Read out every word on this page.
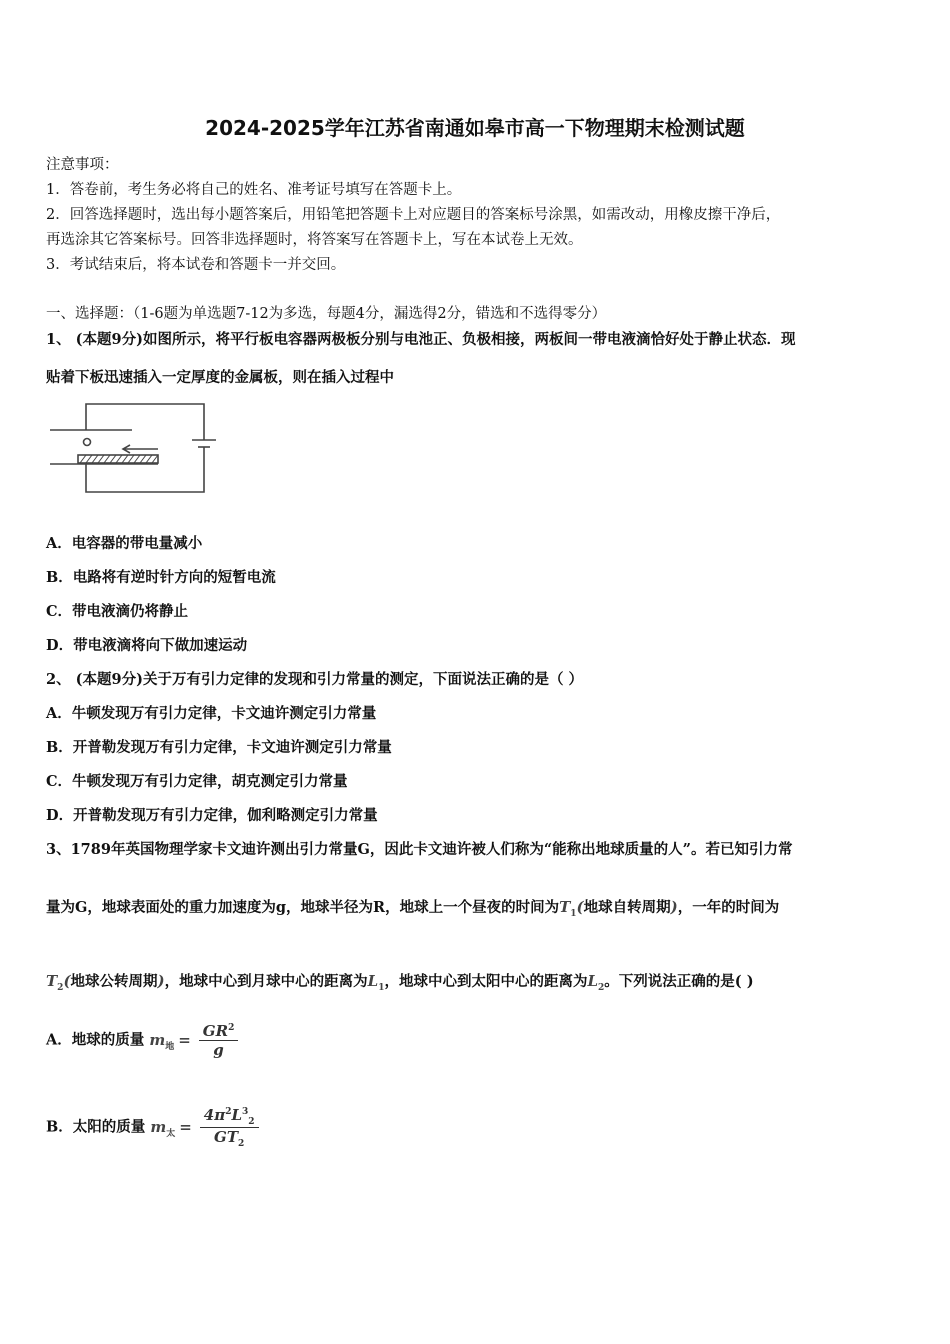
2024-2025学年江苏省南通如皋市高一下物理期末检测试题
注意事项：
1．答卷前，考生务必将自己的姓名、准考证号填写在答题卡上。
2．回答选择题时，选出每小题答案后，用铅笔把答题卡上对应题目的答案标号涂黑，如需改动，用橡皮擦干净后，
再选涂其它答案标号。回答非选择题时，将答案写在答题卡上，写在本试卷上无效。
3．考试结束后，将本试卷和答题卡一并交回。
一、选择题：（1-6题为单选题7-12为多选，每题4分，漏选得2分，错选和不选得零分）
1、 (本题9分)如图所示，将平行板电容器两极板分别与电池正、负极相接，两板间一带电液滴恰好处于静止状态．现
贴着下板迅速插入一定厚度的金属板，则在插入过程中
A．电容器的带电量减小
B．电路将有逆时针方向的短暂电流
C．带电液滴仍将静止
D．带电液滴将向下做加速运动
2、 (本题9分)关于万有引力定律的发现和引力常量的测定，下面说法正确的是（ ）
A．牛顿发现万有引力定律，卡文迪许测定引力常量
B．开普勒发现万有引力定律，卡文迪许测定引力常量
C．牛顿发现万有引力定律，胡克测定引力常量
D．开普勒发现万有引力定律，伽利略测定引力常量
3、1789年英国物理学家卡文迪许测出引力常量G，因此卡文迪许被人们称为“能称出地球质量的人”。若已知引力常
量为G，地球表面处的重力加速度为g，地球半径为R，地球上一个昼夜的时间为$T_1$(地球自转周期)，一年的时间为
$T_2$(地球公转周期)，地球中心到月球中心的距离为$L_1$，地球中心到太阳中心的距离为$L_2$。下列说法正确的是( )
A．地球的质量 $m_地 = \frac{GR^2}{g}$
B．太阳的质量 $m_太 = \frac{4\pi^2L^3_2}{GT_2}$
